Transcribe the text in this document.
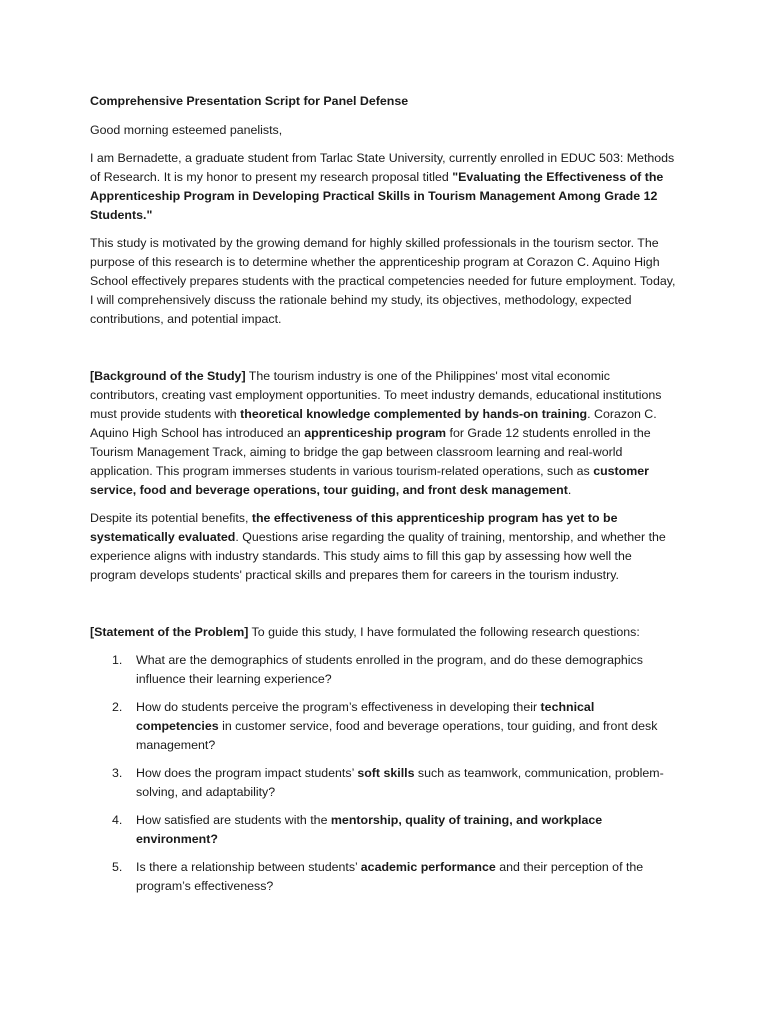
Comprehensive Presentation Script for Panel Defense

Good morning esteemed panelists,

I am Bernadette, a graduate student from Tarlac State University, currently enrolled in EDUC 503: Methods of Research. It is my honor to present my research proposal titled "Evaluating the Effectiveness of the Apprenticeship Program in Developing Practical Skills in Tourism Management Among Grade 12 Students."

This study is motivated by the growing demand for highly skilled professionals in the tourism sector. The purpose of this research is to determine whether the apprenticeship program at Corazon C. Aquino High School effectively prepares students with the practical competencies needed for future employment. Today, I will comprehensively discuss the rationale behind my study, its objectives, methodology, expected contributions, and potential impact.

[Background of the Study] The tourism industry is one of the Philippines' most vital economic contributors, creating vast employment opportunities. To meet industry demands, educational institutions must provide students with theoretical knowledge complemented by hands-on training. Corazon C. Aquino High School has introduced an apprenticeship program for Grade 12 students enrolled in the Tourism Management Track, aiming to bridge the gap between classroom learning and real-world application. This program immerses students in various tourism-related operations, such as customer service, food and beverage operations, tour guiding, and front desk management.

Despite its potential benefits, the effectiveness of this apprenticeship program has yet to be systematically evaluated. Questions arise regarding the quality of training, mentorship, and whether the experience aligns with industry standards. This study aims to fill this gap by assessing how well the program develops students' practical skills and prepares them for careers in the tourism industry.

[Statement of the Problem] To guide this study, I have formulated the following research questions:

1. What are the demographics of students enrolled in the program, and do these demographics influence their learning experience?
2. How do students perceive the program’s effectiveness in developing their technical competencies in customer service, food and beverage operations, tour guiding, and front desk management?
3. How does the program impact students’ soft skills such as teamwork, communication, problem-solving, and adaptability?
4. How satisfied are students with the mentorship, quality of training, and workplace environment?
5. Is there a relationship between students’ academic performance and their perception of the program’s effectiveness?
